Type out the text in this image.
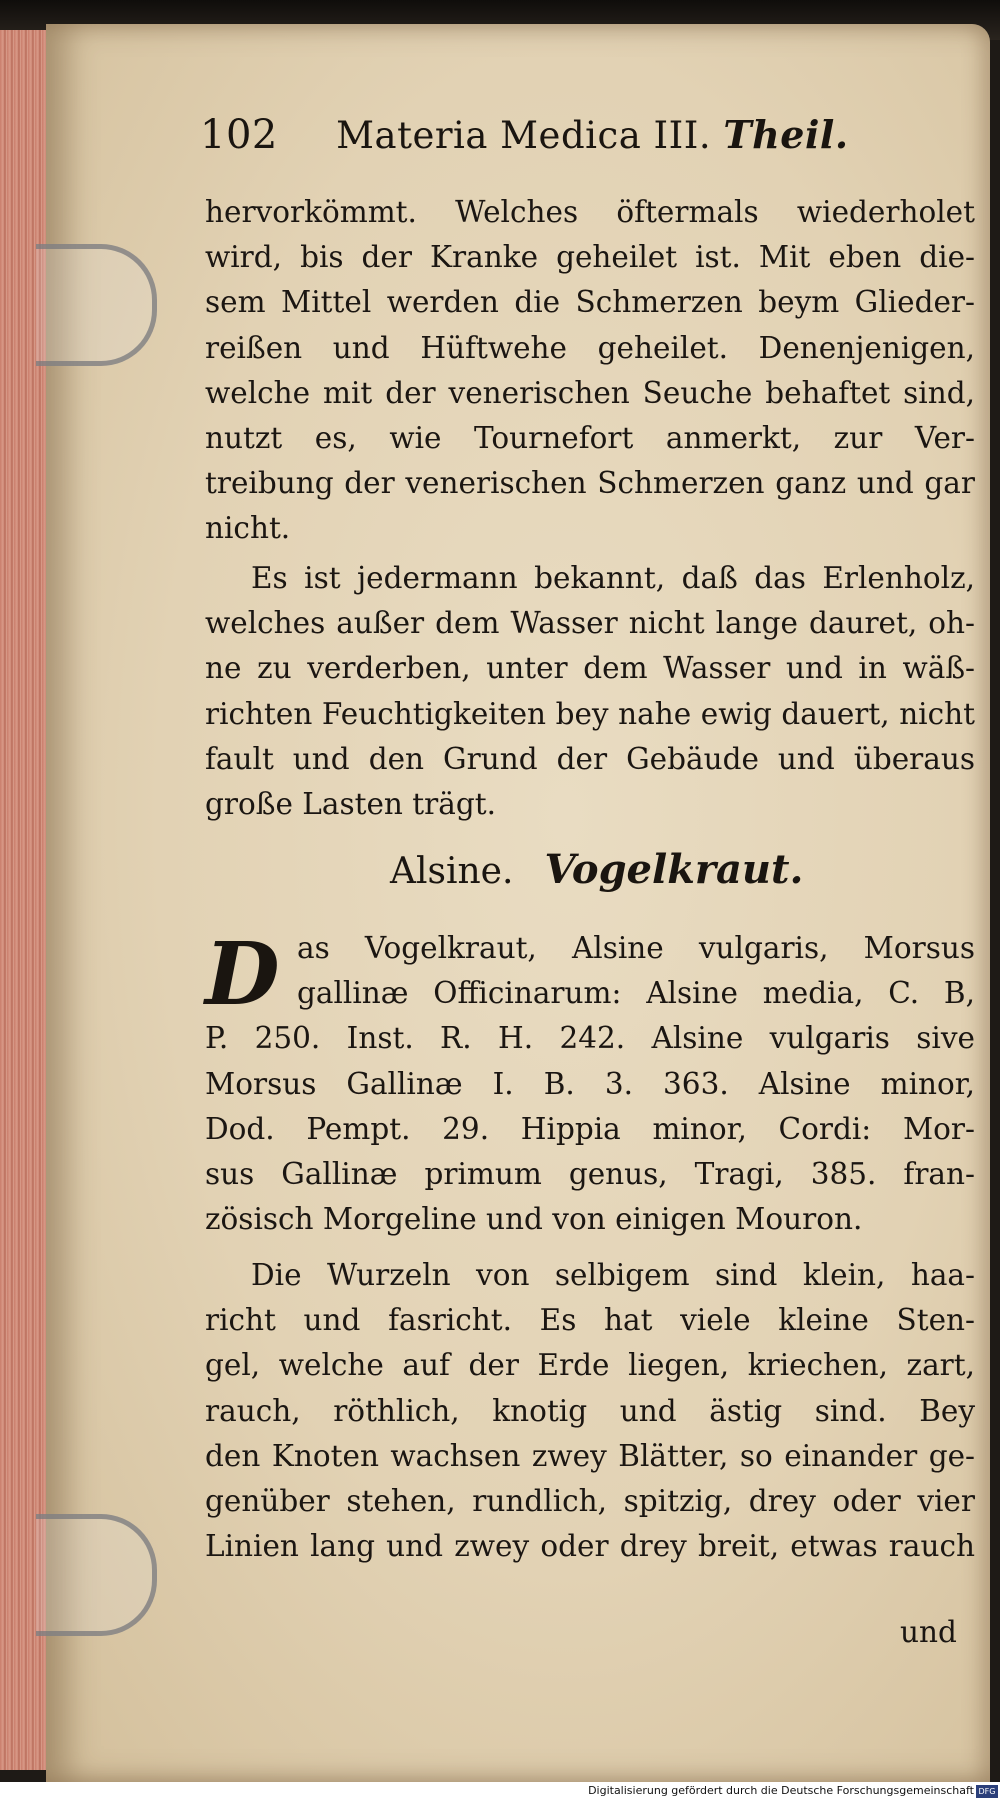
102 Materia Medica III. Theil.
hervorkömmt. Welches öftermals wiederholet
wird, bis der Kranke geheilet ist. Mit eben die-
sem Mittel werden die Schmerzen beym Glieder-
reißen und Hüftwehe geheilet. Denenjenigen,
welche mit der venerischen Seuche behaftet sind,
nutzt es, wie Tournefort anmerkt, zur Ver-
treibung der venerischen Schmerzen ganz und gar
nicht.
Es ist jedermann bekannt, daß das Erlenholz,
welches außer dem Wasser nicht lange dauret, oh-
ne zu verderben, unter dem Wasser und in wäß-
richten Feuchtigkeiten bey nahe ewig dauert, nicht
fault und den Grund der Gebäude und überaus
große Lasten trägt.
Alsine. Vogelkraut.
D as Vogelkraut, Alsine vulgaris, Morsus
gallinæ Officinarum: Alsine media, C. B,
P. 250. Inst. R. H. 242. Alsine vulgaris sive
Morsus Gallinæ I. B. 3. 363. Alsine minor,
Dod. Pempt. 29. Hippia minor, Cordi: Mor-
sus Gallinæ primum genus, Tragi, 385. fran-
zösisch Morgeline und von einigen Mouron.
Die Wurzeln von selbigem sind klein, haa-
richt und fasricht. Es hat viele kleine Sten-
gel, welche auf der Erde liegen, kriechen, zart,
rauch, röthlich, knotig und ästig sind. Bey
den Knoten wachsen zwey Blätter, so einander ge-
genüber stehen, rundlich, spitzig, drey oder vier
Linien lang und zwey oder drey breit, etwas rauch
und
Digitalisierung gefördert durch die Deutsche Forschungsgemeinschaft DFG
